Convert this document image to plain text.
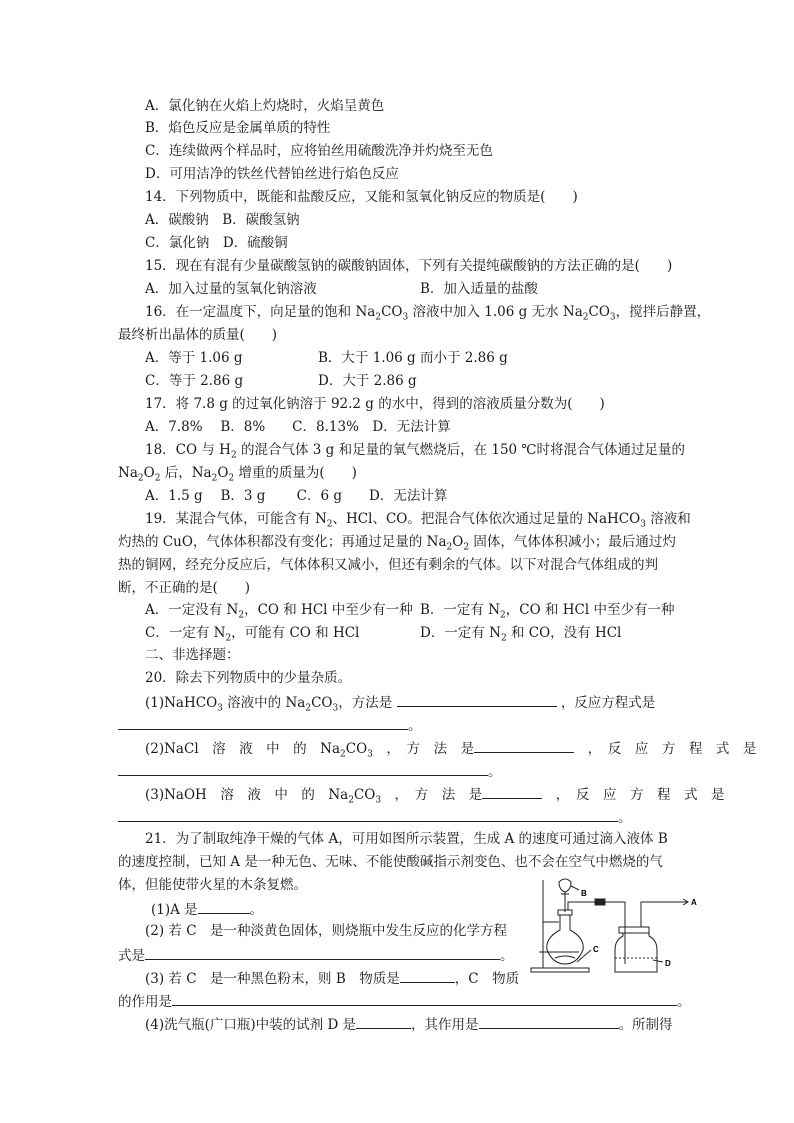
A．氯化钠在火焰上灼烧时，火焰呈黄色
B．焰色反应是金属单质的特性
C．连续做两个样品时，应将铂丝用硫酸洗净并灼烧至无色
D．可用洁净的铁丝代替铂丝进行焰色反应
14．下列物质中，既能和盐酸反应，又能和氢氧化钠反应的物质是(　　)
A．碳酸钠　B．碳酸氢钠
C．氯化钠　D．硫酸铜
15．现在有混有少量碳酸氢钠的碳酸钠固体，下列有关提纯碳酸钠的方法正确的是(　　)
A．加入过量的氢氧化钠溶液	B．加入适量的盐酸
16．在一定温度下，向足量的饱和 $Na_2CO_3$ 溶液中加入 1.06 g 无水 $Na_2CO_3$，搅拌后静置，
最终析出晶体的质量(　　)
A．等于 1.06 g	B．大于 1.06 g 而小于 2.86 g
C．等于 2.86 g	D．大于 2.86 g
17．将 7.8 g 的过氧化钠溶于 92.2 g 的水中，得到的溶液质量分数为(　　)
A．7.8%　 B．8%　　C．8.13%　D．无法计算
18．CO 与 $H_2$ 的混合气体 3 g 和足量的氧气燃烧后，在 150 ℃时将混合气体通过足量的
$Na_2O_2$ 后，$Na_2O_2$ 增重的质量为(　　)
A．1.5 g　 B．3 g　　 C．6 g　　D．无法计算
19．某混合气体，可能含有 $N_2$、HCl、CO。把混合气体依次通过足量的 NaHCO$_3$ 溶液和
灼热的 CuO，气体体积都没有变化；再通过足量的 $Na_2O_2$ 固体，气体体积减小；最后通过灼
热的铜网，经充分反应后，气体体积又减小，但还有剩余的气体。以下对混合气体组成的判
断，不正确的是(　　)
A．一定没有 $N_2$，CO 和 HCl 中至少有一种 B．一定有 $N_2$，CO 和 HCl 中至少有一种
C．一定有 $N_2$，可能有 CO 和 HCl	D．一定有 $N_2$ 和 CO，没有 HCl
二、非选择题：
20．除去下列物质中的少量杂质。
(1)NaHCO$_3$ 溶液中的 $Na_2CO_3$，方法是	，反应方程式是
。
(2)NaCl　溶　液　中　的　$Na_2CO_3$　，　方　法　是	　，　反　应　方　程　式　是
。
(3)NaOH　溶　液　中　的　$Na_2CO_3$　，　方　法　是	　，　反　应　方　程　式　是
。
21．为了制取纯净干燥的气体 A，可用如图所示装置，生成 A 的速度可通过滴入液体 B
的速度控制，已知 A 是一种无色、无味、不能使酸碱指示剂变色、也不会在空气中燃烧的气
体，但能使带火星的木条复燃。
(1)A 是	。
(2) 若 C　是一种淡黄色固体，则烧瓶中发生反应的化学方程
式是	。
(3) 若 C　是一种黑色粉末，则 B　物质是	，C　物质
的作用是	。
(4)洗气瓶(广口瓶)中装的试剂 D 是	，其作用是	。所制得
B
C
A
D
